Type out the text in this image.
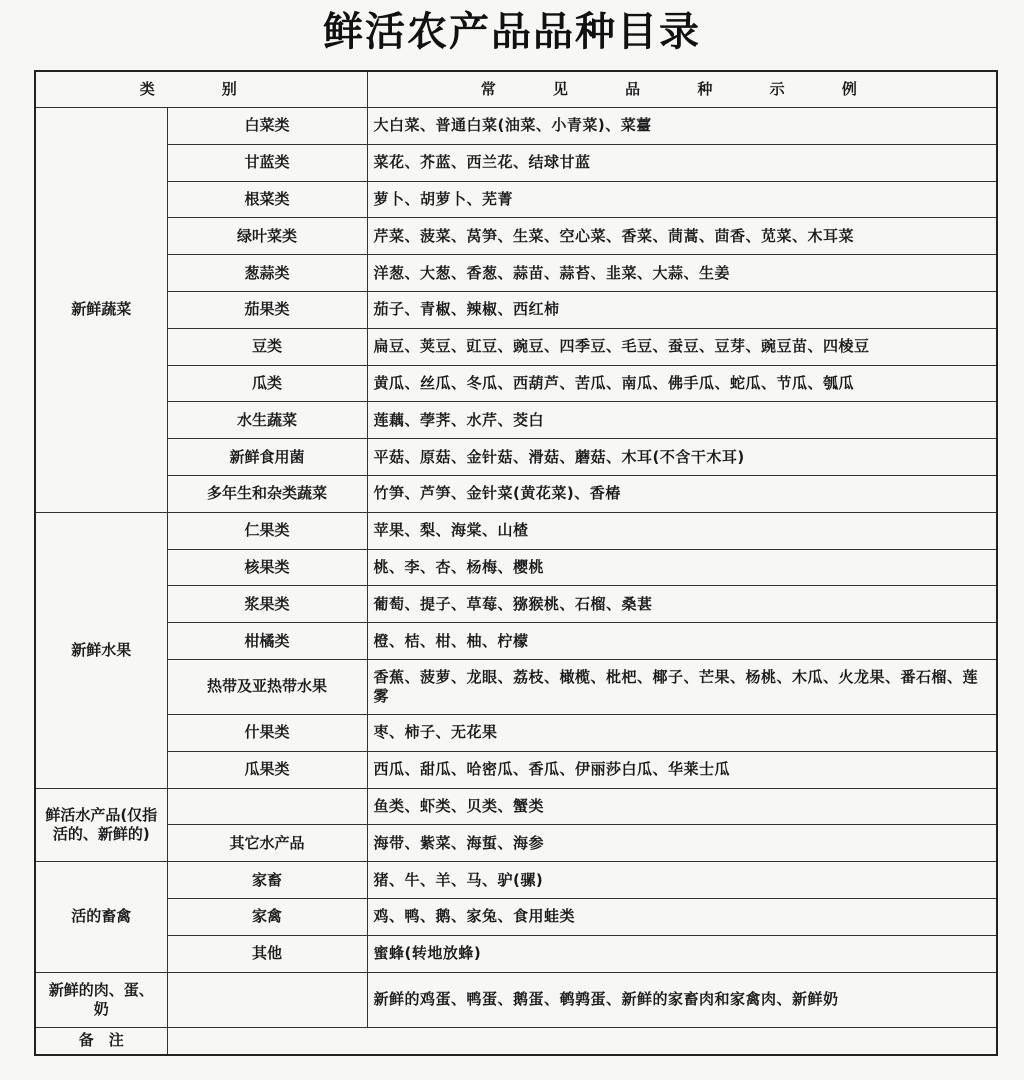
鲜活农产品品种目录
类　别		常 见 品 种 示 例
新鲜蔬菜	白菜类	大白菜、普通白菜(油菜、小青菜)、菜薹
	甘蓝类	菜花、芥蓝、西兰花、结球甘蓝
	根菜类	萝卜、胡萝卜、芜菁
	绿叶菜类	芹菜、菠菜、莴笋、生菜、空心菜、香菜、茼蒿、茴香、苋菜、木耳菜
	葱蒜类	洋葱、大葱、香葱、蒜苗、蒜苔、韭菜、大蒜、生姜
	茄果类	茄子、青椒、辣椒、西红柿
	豆类	扁豆、荚豆、豇豆、豌豆、四季豆、毛豆、蚕豆、豆芽、豌豆苗、四棱豆
	瓜类	黄瓜、丝瓜、冬瓜、西葫芦、苦瓜、南瓜、佛手瓜、蛇瓜、节瓜、瓠瓜
	水生蔬菜	莲藕、荸荠、水芹、茭白
	新鲜食用菌	平菇、原菇、金针菇、滑菇、蘑菇、木耳(不含干木耳)
	多年生和杂类蔬菜	竹笋、芦笋、金针菜(黄花菜)、香椿
新鲜水果	仁果类	苹果、梨、海棠、山楂
	核果类	桃、李、杏、杨梅、樱桃
	浆果类	葡萄、提子、草莓、猕猴桃、石榴、桑葚
	柑橘类	橙、桔、柑、柚、柠檬
	热带及亚热带水果	香蕉、菠萝、龙眼、荔枝、橄榄、枇杷、椰子、芒果、杨桃、木瓜、火龙果、番石榴、莲雾
	什果类	枣、柿子、无花果
	瓜果类	西瓜、甜瓜、哈密瓜、香瓜、伊丽莎白瓜、华莱士瓜
鲜活水产品(仅指活的、新鲜的)		鱼类、虾类、贝类、蟹类
	其它水产品	海带、紫菜、海蜇、海参
活的畜禽	家畜	猪、牛、羊、马、驴(骡)
	家禽	鸡、鸭、鹅、家兔、食用蛙类
	其他	蜜蜂(转地放蜂)
新鲜的肉、蛋、奶		新鲜的鸡蛋、鸭蛋、鹅蛋、鹌鹑蛋、新鲜的家畜肉和家禽肉、新鲜奶
备　注		
